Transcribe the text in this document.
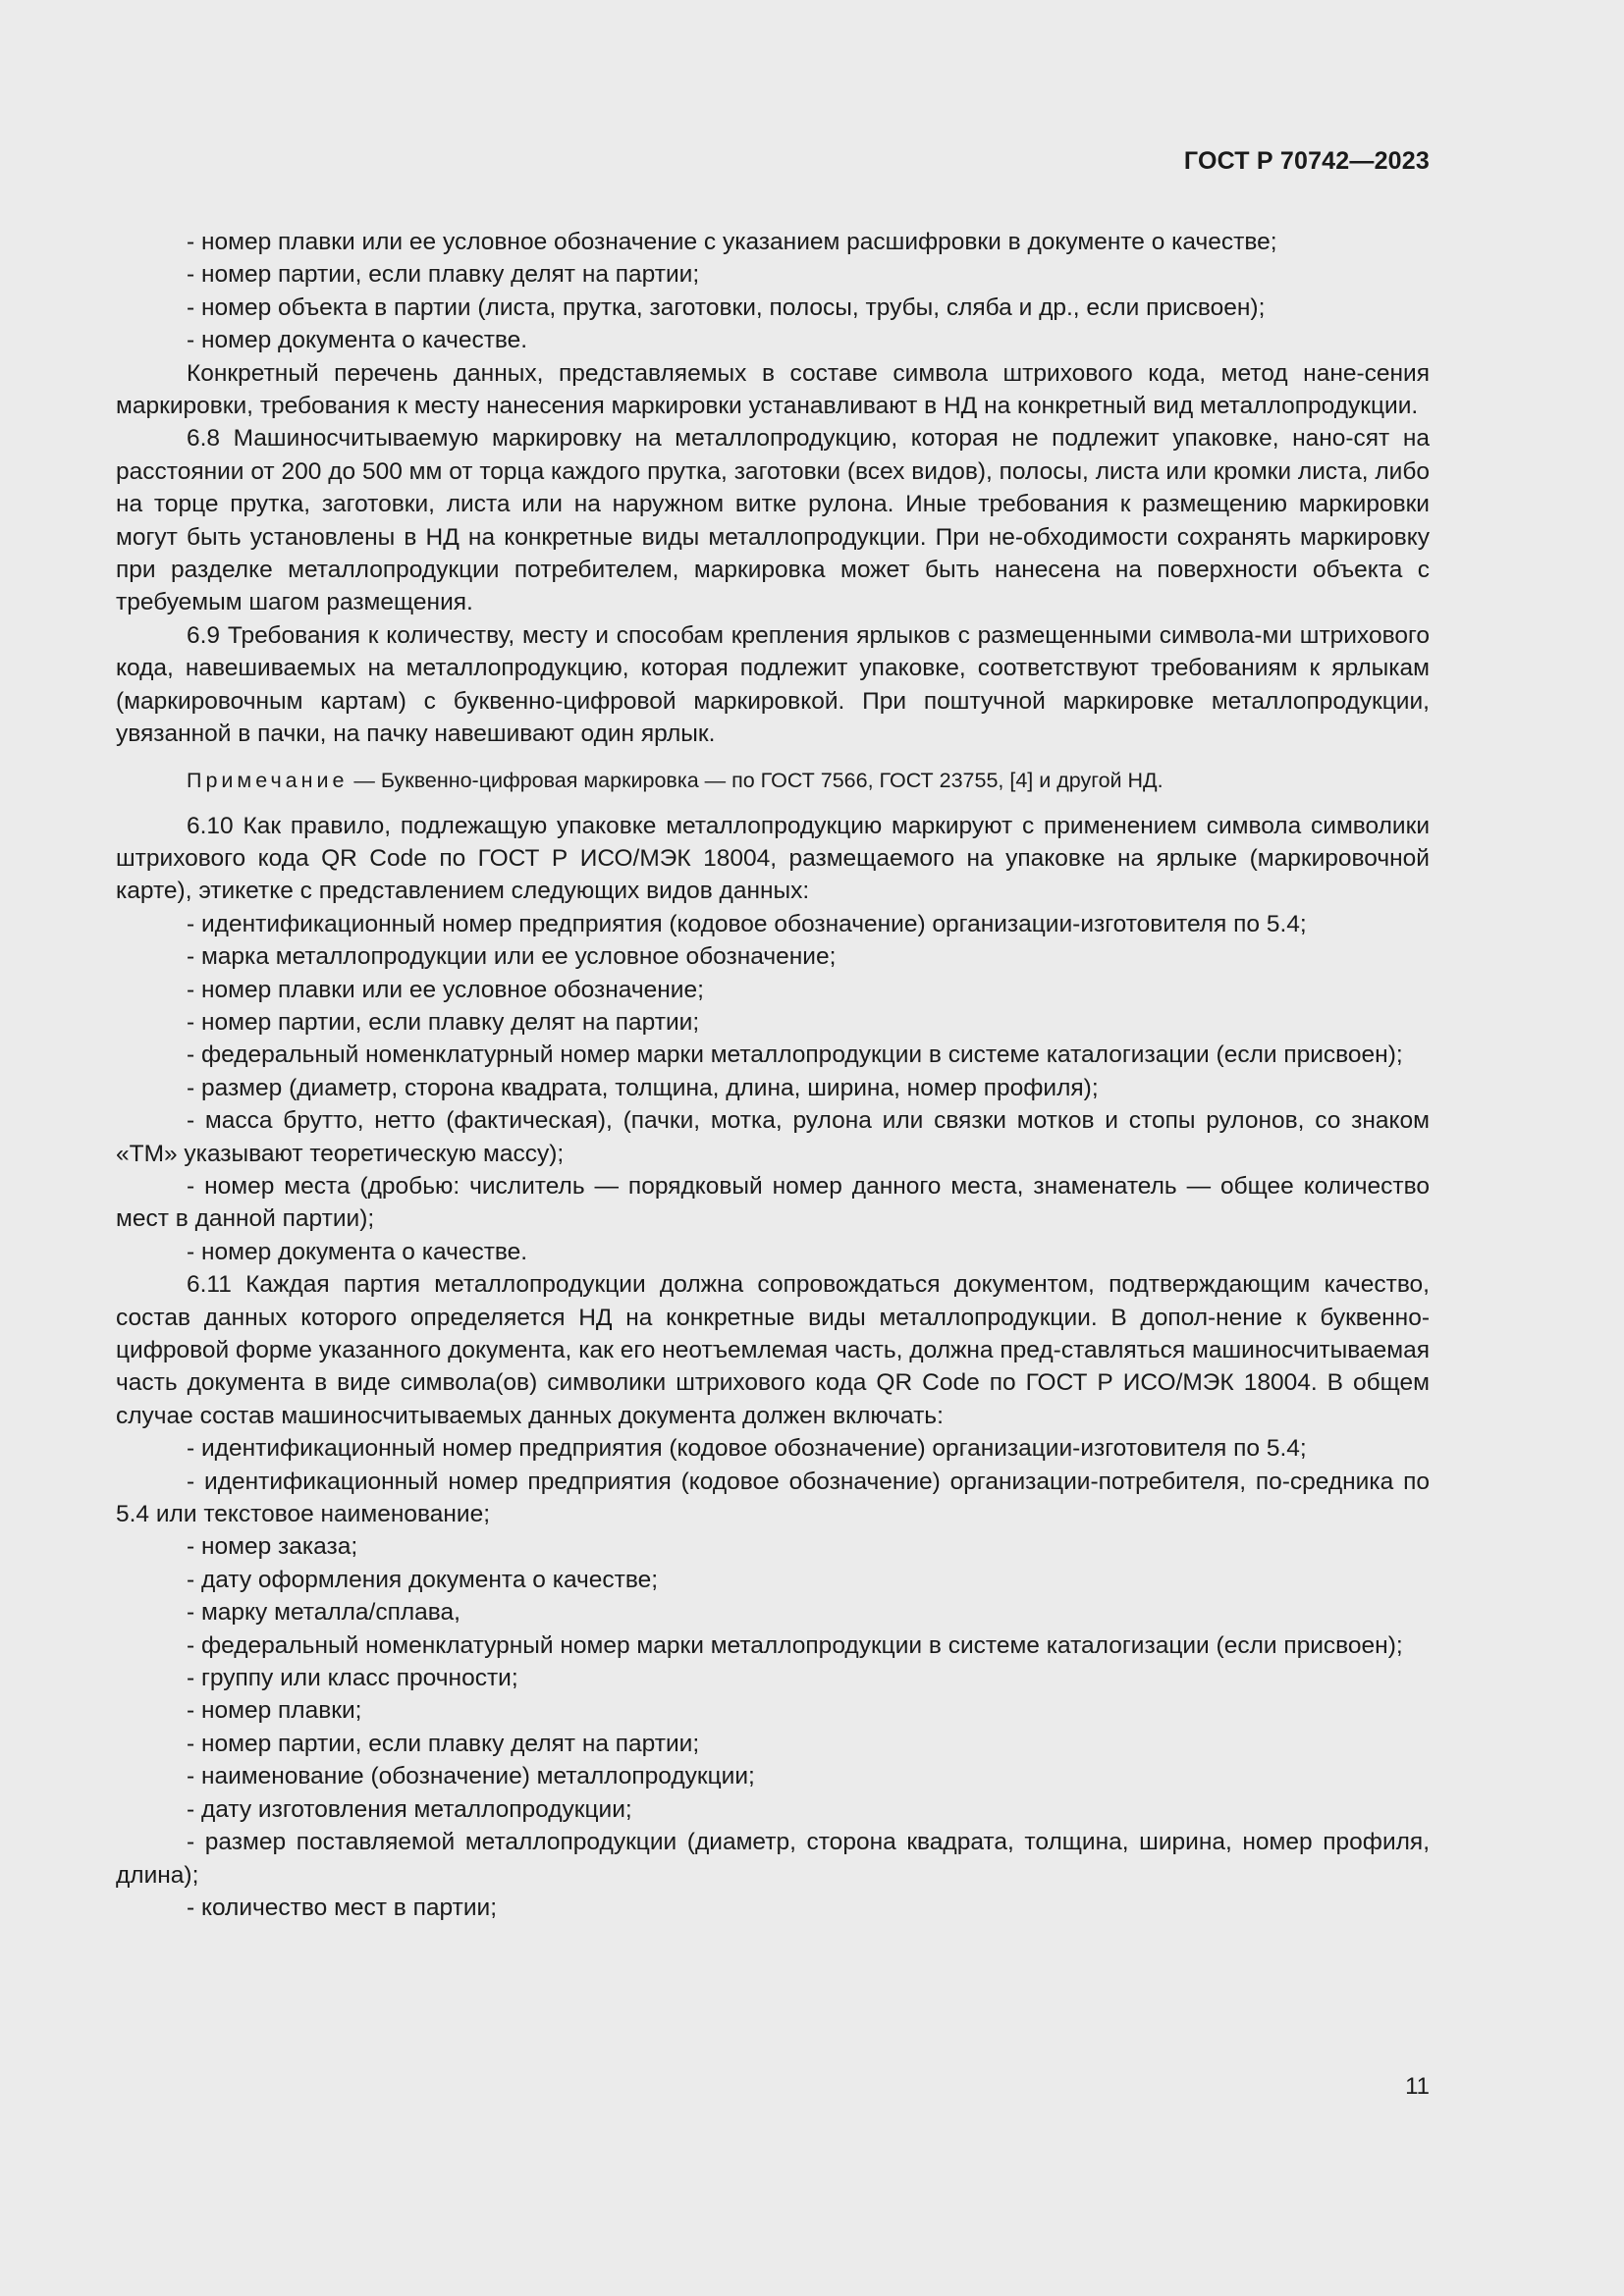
ГОСТ Р 70742—2023

- номер плавки или ее условное обозначение с указанием расшифровки в документе о качестве;

- номер партии, если плавку делят на партии;

- номер объекта в партии (листа, прутка, заготовки, полосы, трубы, сляба и др., если присвоен);

- номер документа о качестве.

Конкретный перечень данных, представляемых в составе символа штрихового кода, метод нане-сения маркировки, требования к месту нанесения маркировки устанавливают в НД на конкретный вид металлопродукции.

6.8 Машиносчитываемую маркировку на металлопродукцию, которая не подлежит упаковке, нано-сят на расстоянии от 200 до 500 мм от торца каждого прутка, заготовки (всех видов), полосы, листа или кромки листа, либо на торце прутка, заготовки, листа или на наружном витке рулона. Иные требования к размещению маркировки могут быть установлены в НД на конкретные виды металлопродукции. При не-обходимости сохранять маркировку при разделке металлопродукции потребителем, маркировка может быть нанесена на поверхности объекта с требуемым шагом размещения.

6.9 Требования к количеству, месту и способам крепления ярлыков с размещенными символа-ми штрихового кода, навешиваемых на металлопродукцию, которая подлежит упаковке, соответствуют требованиям к ярлыкам (маркировочным картам) с буквенно-цифровой маркировкой. При поштучной маркировке металлопродукции, увязанной в пачки, на пачку навешивают один ярлык.

Примечание — Буквенно-цифровая маркировка — по ГОСТ 7566, ГОСТ 23755, [4] и другой НД.

6.10 Как правило, подлежащую упаковке металлопродукцию маркируют с применением символа символики штрихового кода QR Code по ГОСТ Р ИСО/МЭК 18004, размещаемого на упаковке на ярлыке (маркировочной карте), этикетке с представлением следующих видов данных:

- идентификационный номер предприятия (кодовое обозначение) организации-изготовителя по 5.4;

- марка металлопродукции или ее условное обозначение;

- номер плавки или ее условное обозначение;

- номер партии, если плавку делят на партии;

- федеральный номенклатурный номер марки металлопродукции в системе каталогизации (если присвоен);

- размер (диаметр, сторона квадрата, толщина, длина, ширина, номер профиля);

- масса брутто, нетто (фактическая), (пачки, мотка, рулона или связки мотков и стопы рулонов, со знаком «ТМ» указывают теоретическую массу);

- номер места (дробью: числитель — порядковый номер данного места, знаменатель — общее количество мест в данной партии);

- номер документа о качестве.

6.11 Каждая партия металлопродукции должна сопровождаться документом, подтверждающим качество, состав данных которого определяется НД на конкретные виды металлопродукции. В допол-нение к буквенно-цифровой форме указанного документа, как его неотъемлемая часть, должна пред-ставляться машиносчитываемая часть документа в виде символа(ов) символики штрихового кода QR Code по ГОСТ Р ИСО/МЭК 18004. В общем случае состав машиносчитываемых данных документа должен включать:

- идентификационный номер предприятия (кодовое обозначение) организации-изготовителя по 5.4;

- идентификационный номер предприятия (кодовое обозначение) организации-потребителя, по-средника по 5.4 или текстовое наименование;

- номер заказа;

- дату оформления документа о качестве;

- марку металла/сплава,

- федеральный номенклатурный номер марки металлопродукции в системе каталогизации (если присвоен);

- группу или класс прочности;

- номер плавки;

- номер партии, если плавку делят на партии;

- наименование (обозначение) металлопродукции;

- дату изготовления металлопродукции;

- размер поставляемой металлопродукции (диаметр, сторона квадрата, толщина, ширина, номер профиля, длина);

- количество мест в партии;

11
